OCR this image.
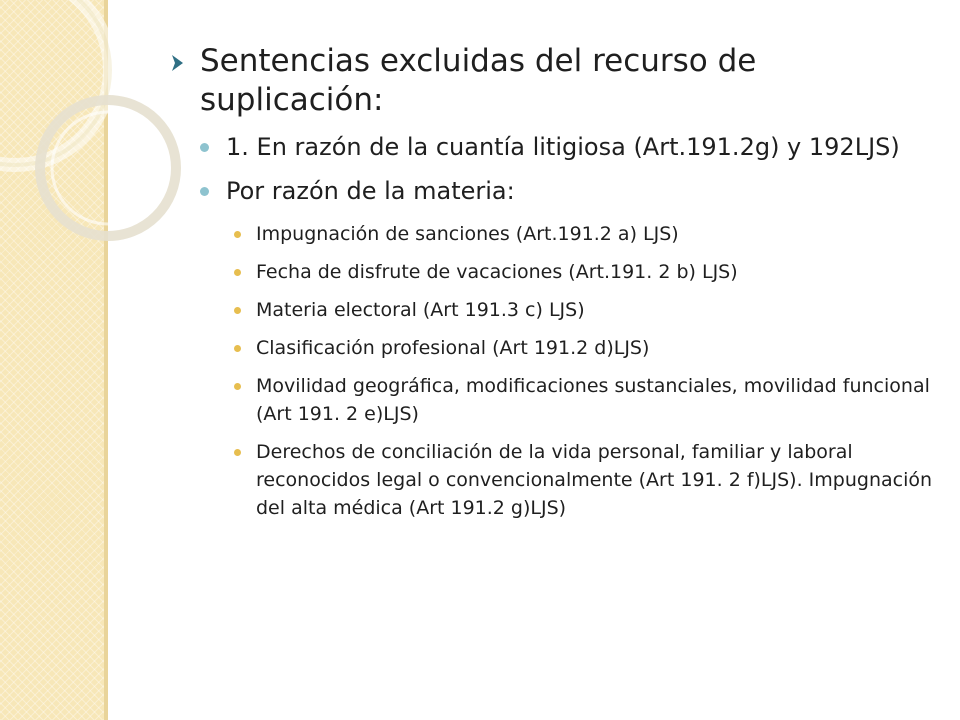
Sentencias excluidas del recurso de suplicación:
1. En razón de la cuantía litigiosa (Art.191.2g) y 192LJS)
Por razón de la materia:
Impugnación de sanciones (Art.191.2 a) LJS)
Fecha de disfrute de vacaciones (Art.191. 2 b) LJS)
Materia electoral (Art 191.3 c) LJS)
Clasificación profesional (Art 191.2 d)LJS)
Movilidad geográfica, modificaciones sustanciales, movilidad funcional (Art 191. 2 e)LJS)
Derechos de conciliación de la vida personal, familiar y laboral reconocidos legal o convencionalmente (Art 191. 2 f)LJS). Impugnación del alta médica (Art 191.2 g)LJS)
